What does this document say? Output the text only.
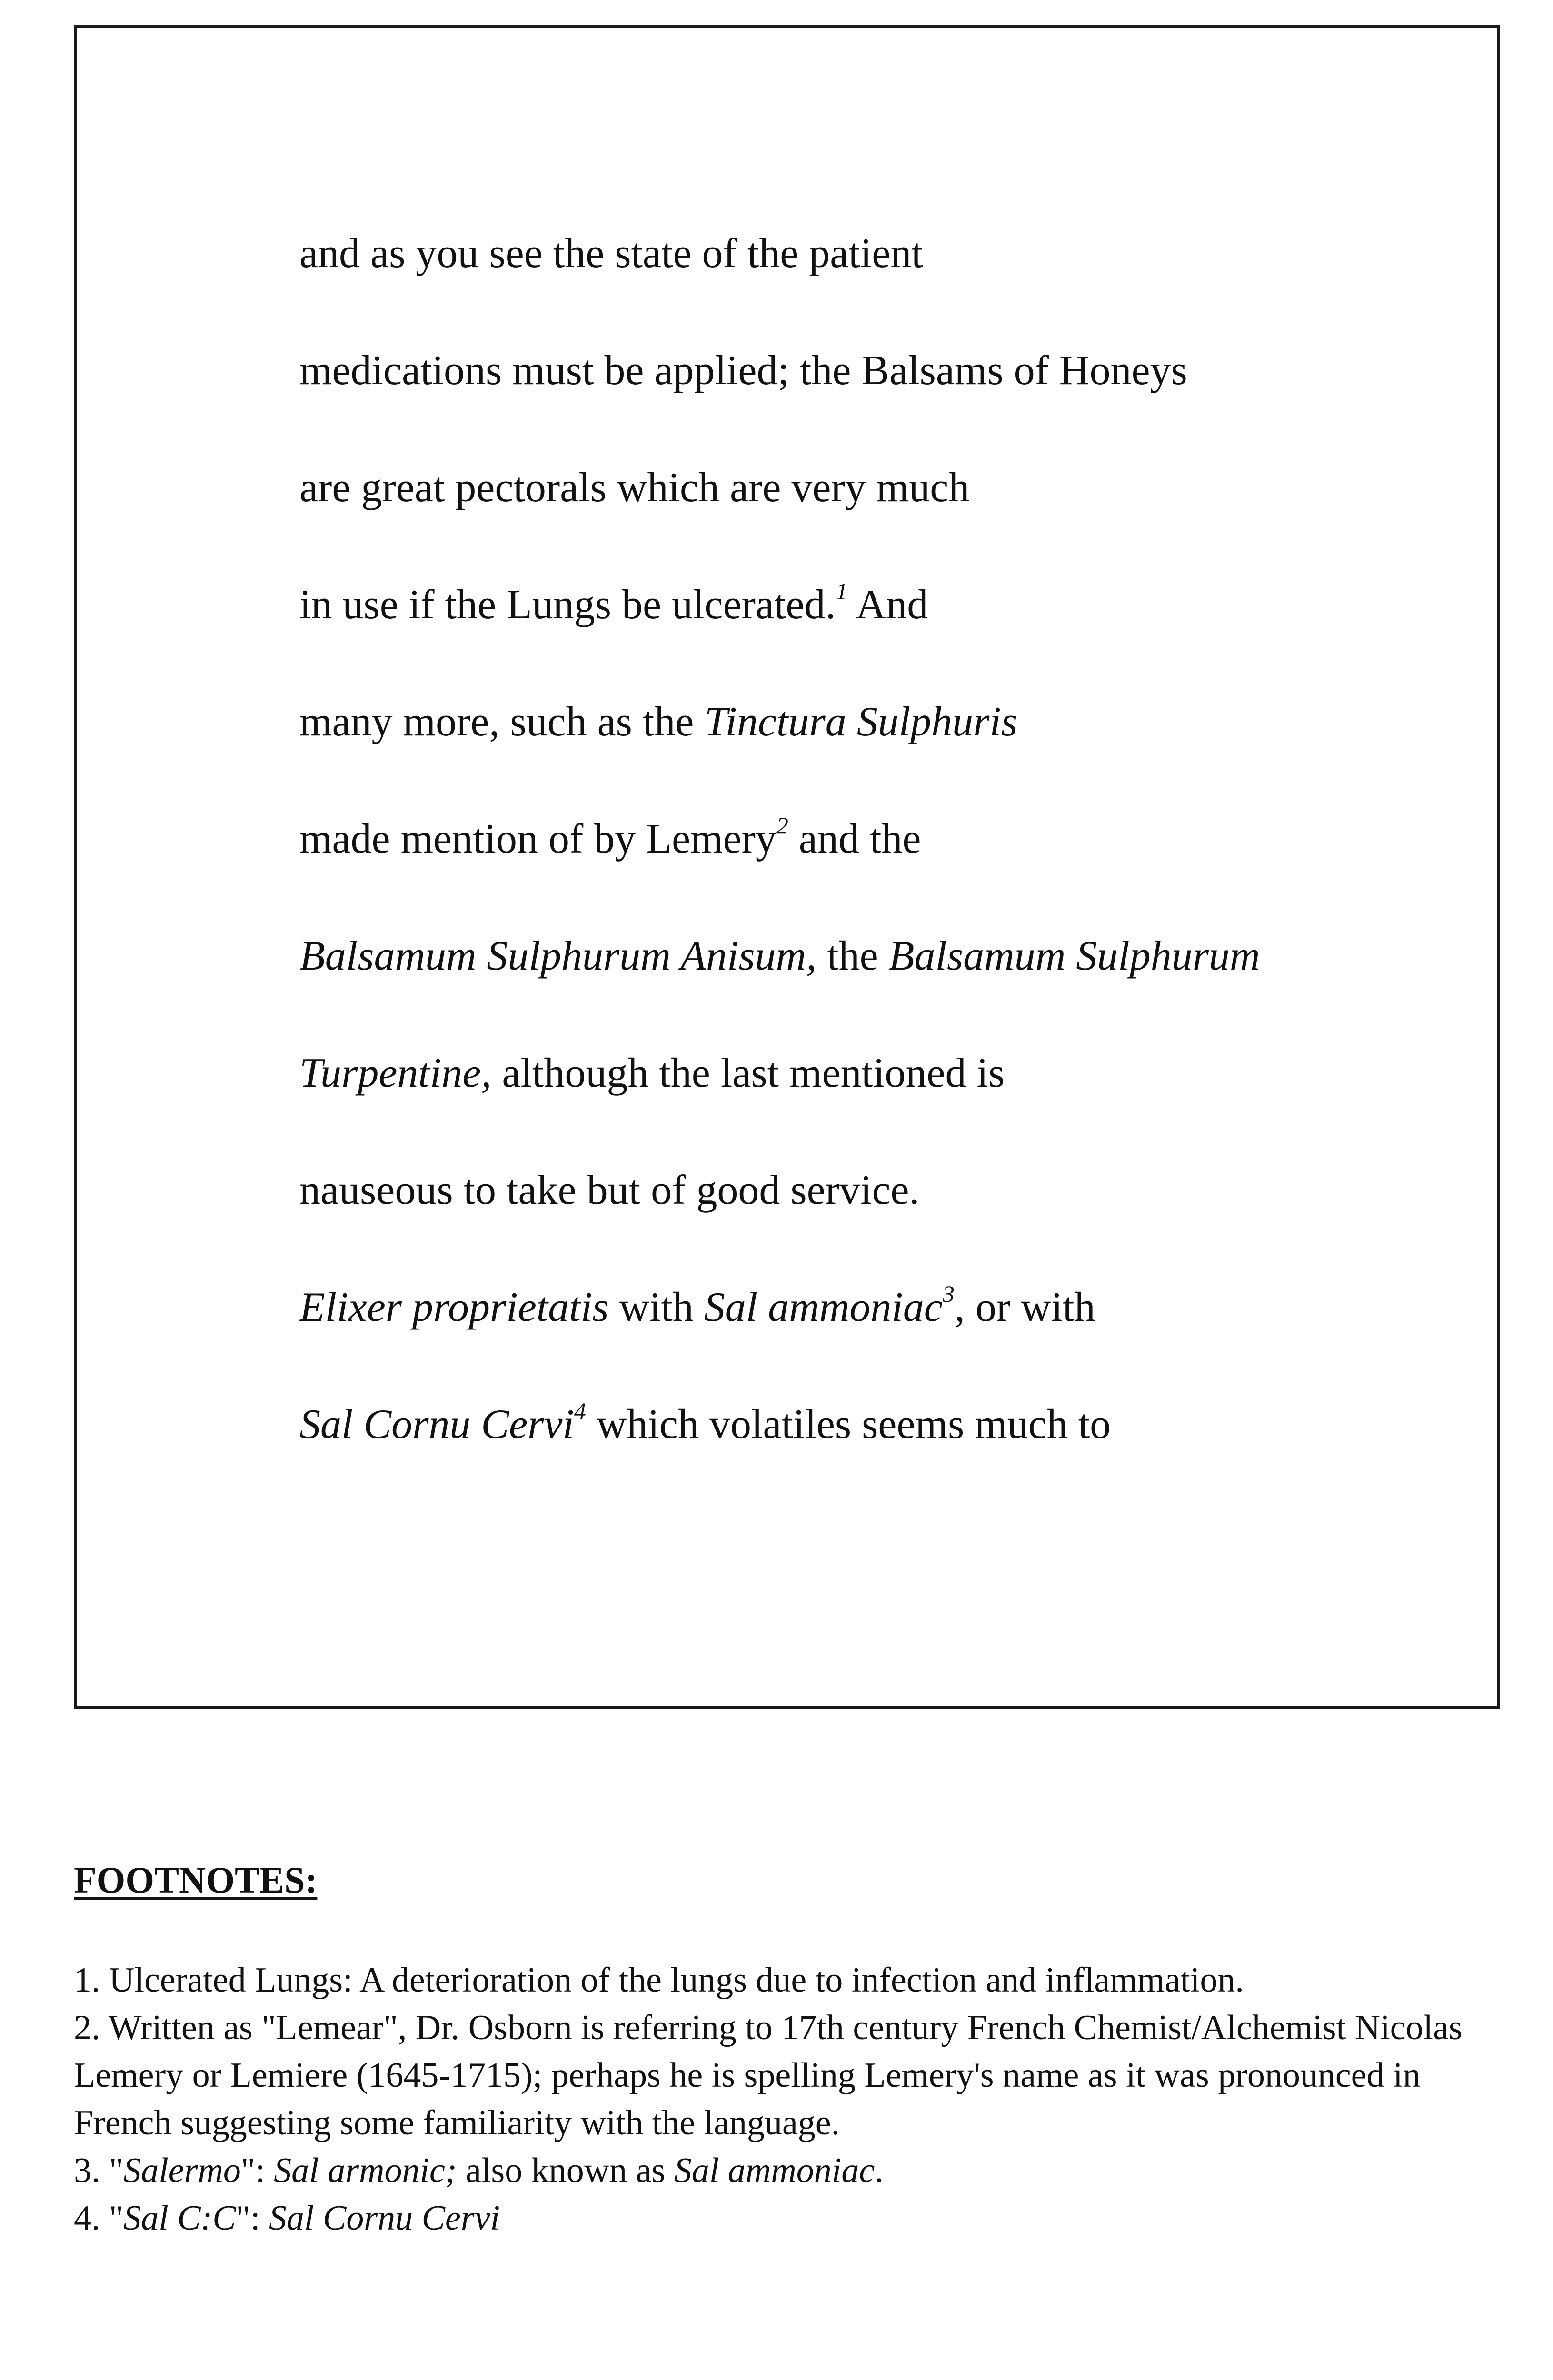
and as you see the state of the patient
medications must be applied; the Balsams of Honeys
are great pectorals which are very much
in use if the Lungs be ulcerated.$^1$ And
many more, such as the Tinctura Sulphuris
made mention of by Lemery$^2$ and the
Balsamum Sulphurum Anisum, the Balsamum Sulphurum
Turpentine, although the last mentioned is
nauseous to take but of good service.
Elixer proprietatis with Sal ammoniac$^3$, or with
Sal Cornu Cervi$^4$ which volatiles seems much to
FOOTNOTES:

1. Ulcerated Lungs: A deterioration of the lungs due to infection and inflammation.

2. Written as "Lemear", Dr. Osborn is referring to 17th century French Chemist/Alchemist Nicolas Lemery or Lemiere (1645-1715); perhaps he is spelling Lemery's name as it was pronounced in French suggesting some familiarity with the language.

3. "Salermo": Sal armonic; also known as Sal ammoniac.

4. "Sal C:C": Sal Cornu Cervi
